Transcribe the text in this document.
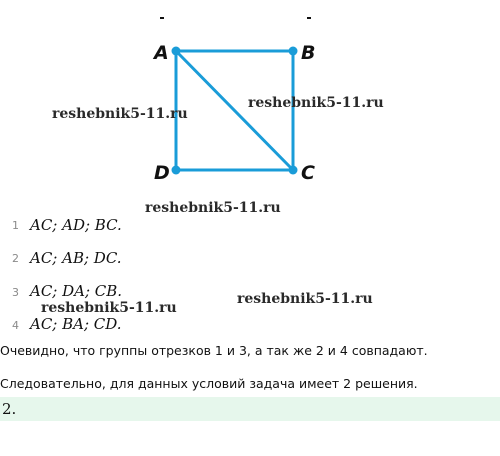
A	B
C
D
reshebnik5-11.ru
reshebnik5-11.ru
reshebnik5-11.ru
reshebnik5-11.ru
reshebnik5-11.ru
1 AC; AD; BC.
2 AC; AB; DC.
3 AC; DA; CB.
4 AC; BA; CD.
Очевидно, что группы отрезков 1 и 3, а так же 2 и 4 совпадают.
Следовательно, для данных условий задача имеет 2 решения.
2.
